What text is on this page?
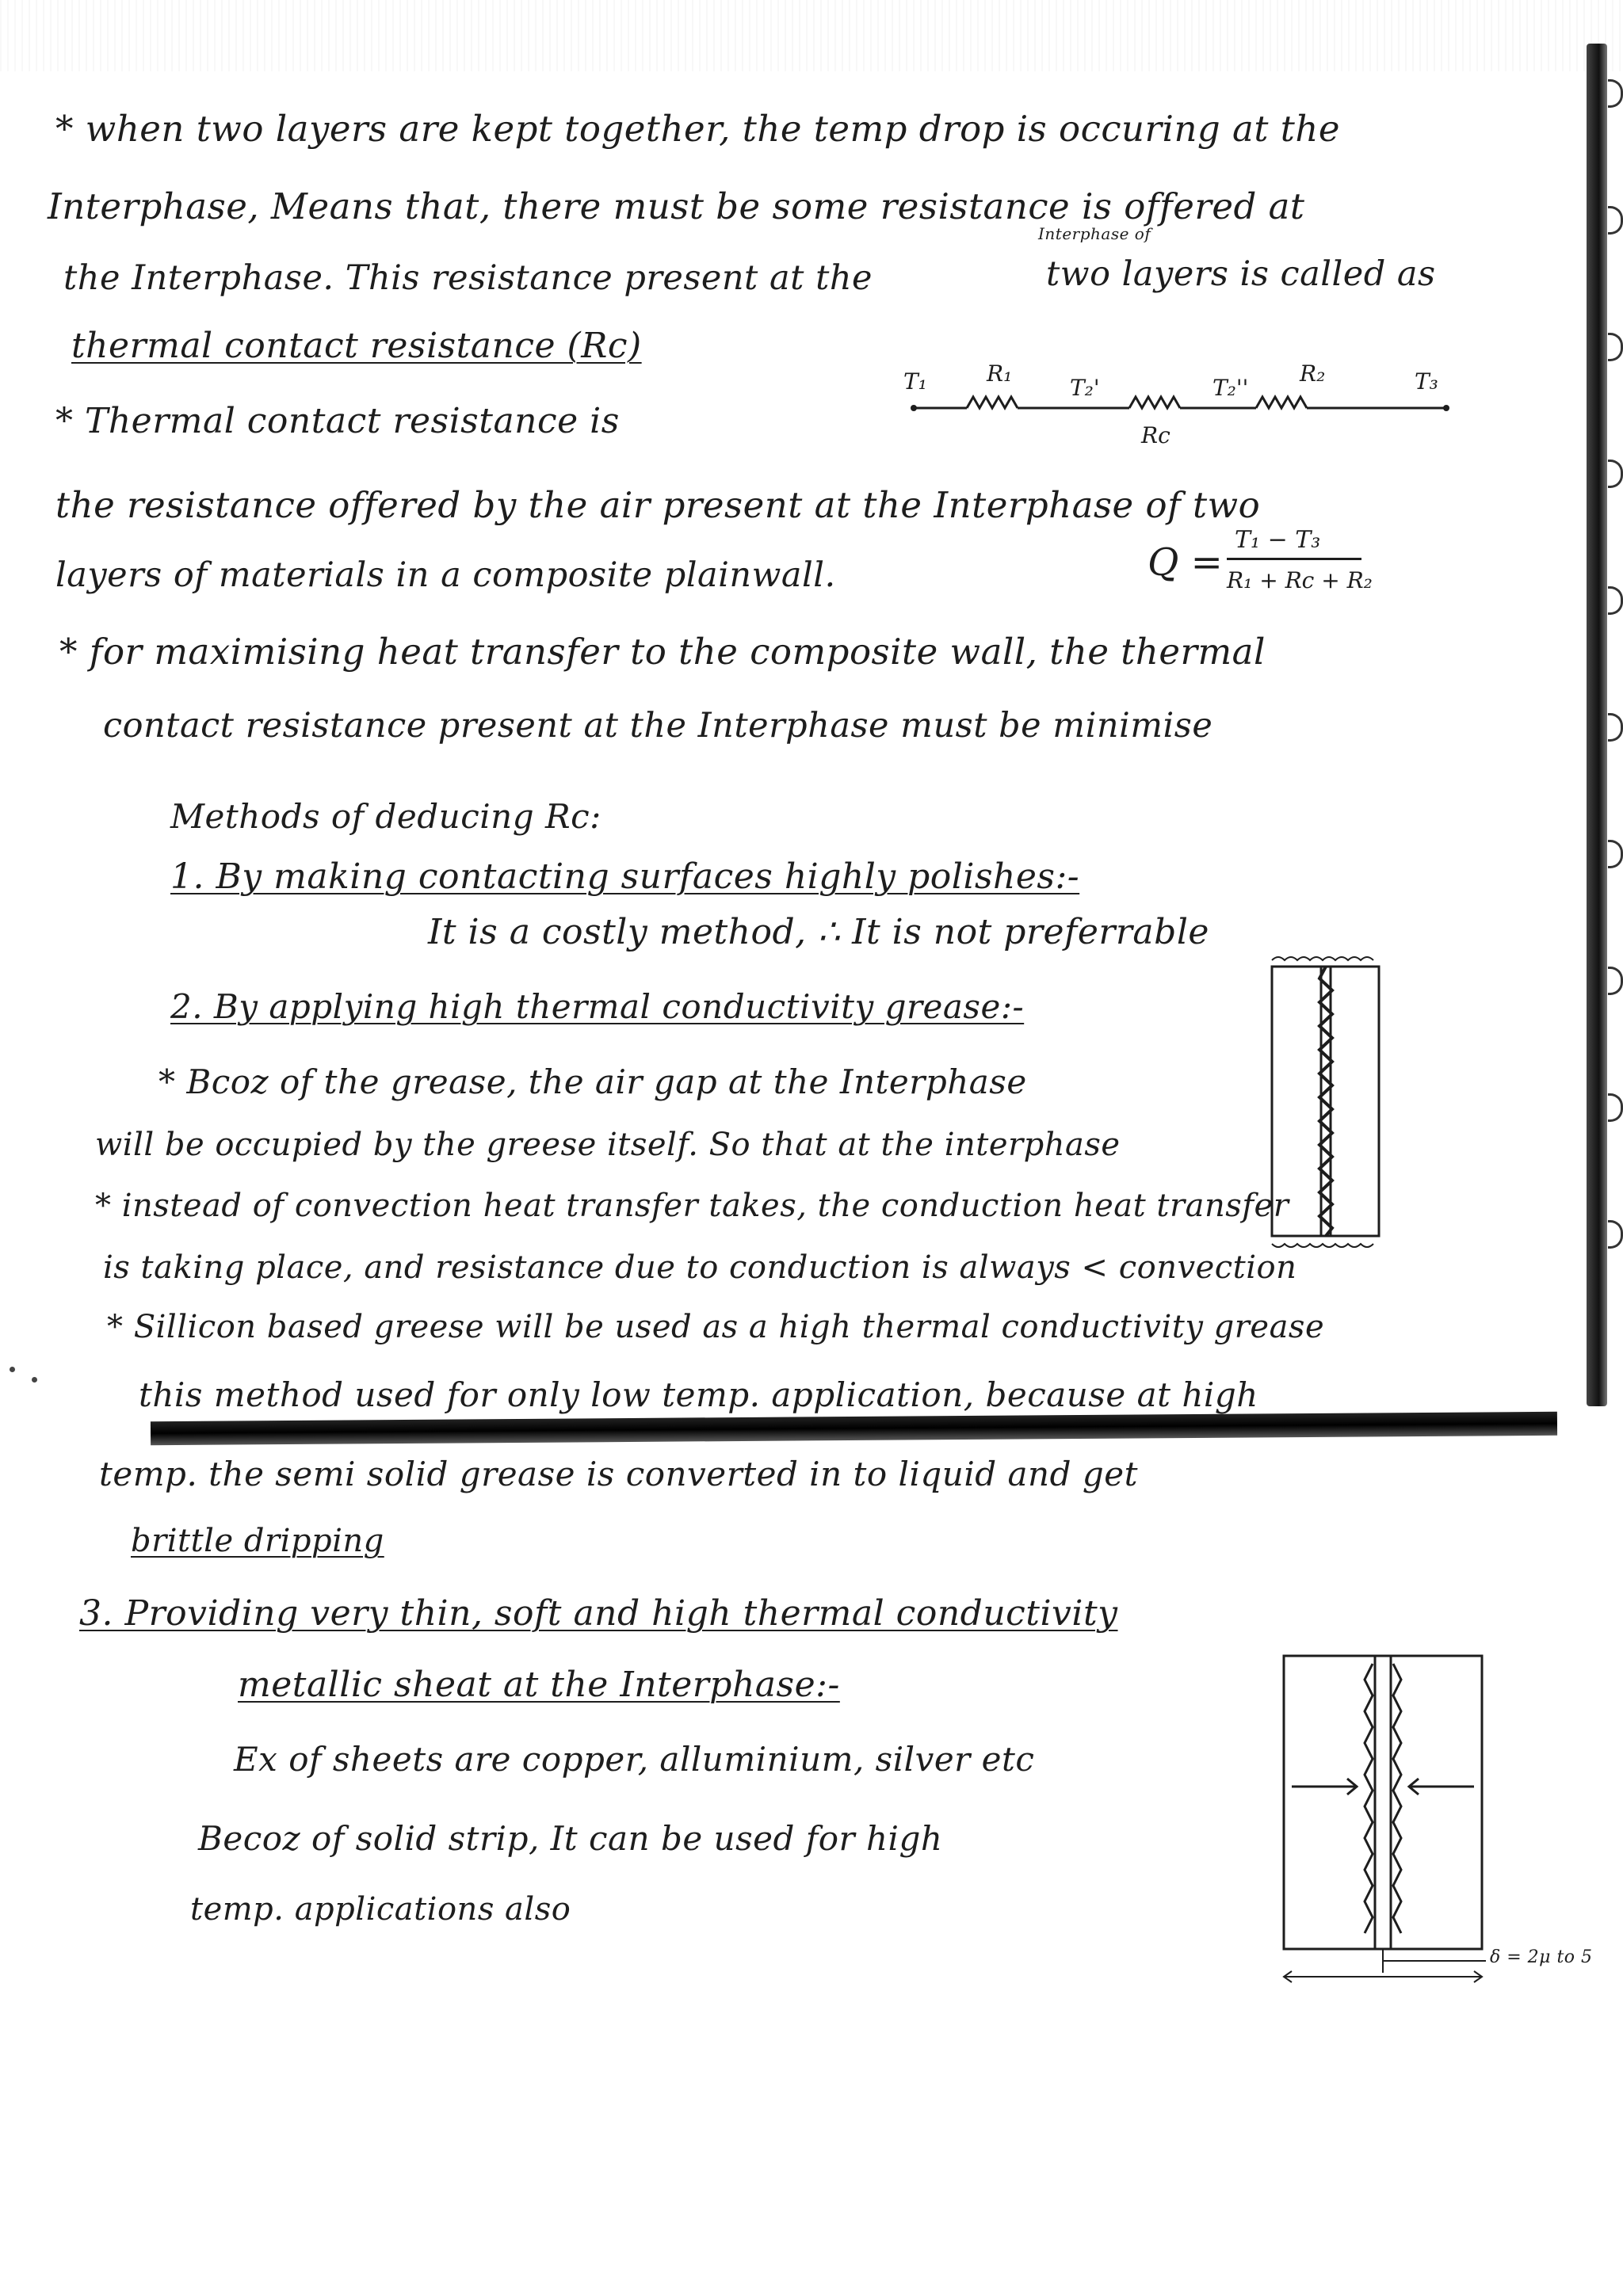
* when two layers are kept together, the temp drop is occuring at the
Interphase, Means that, there must be some resistance is offered at
the Interphase. This resistance present at the
Interphase of
two layers is called as
thermal contact resistance (Rc)
T₁	R₁
T₂'	T₂''
R₂	T₃
Rc
* Thermal contact resistance is
the resistance offered by the air present at the Interphase of two
layers of materials in a composite plainwall.	Q =
T₁ − T₃
R₁ + Rc + R₂
* for maximising heat transfer to the composite wall, the thermal
contact resistance present at the Interphase must be minimise
Methods of deducing Rc:
1. By making contacting surfaces highly polishes:-
It is a costly method, ∴ It is not preferrable
2. By applying high thermal conductivity grease:-
* Bcoz of the grease, the air gap at the Interphase
will be occupied by the greese itself. So that at the interphase
* instead of convection heat transfer takes, the conduction heat transfer
is taking place, and resistance due to conduction is always < convection
* Sillicon based greese will be used as a high thermal conductivity grease
this method used for only low temp. application, because at high
temp. the semi solid grease is converted in to liquid and get
brittle dripping
3. Providing very thin, soft and high thermal conductivity
metallic sheat at the Interphase:-
Ex of sheets are copper, alluminium, silver etc
Becoz of solid strip, It can be used for high
temp. applications also
δ = 2μ to 5
